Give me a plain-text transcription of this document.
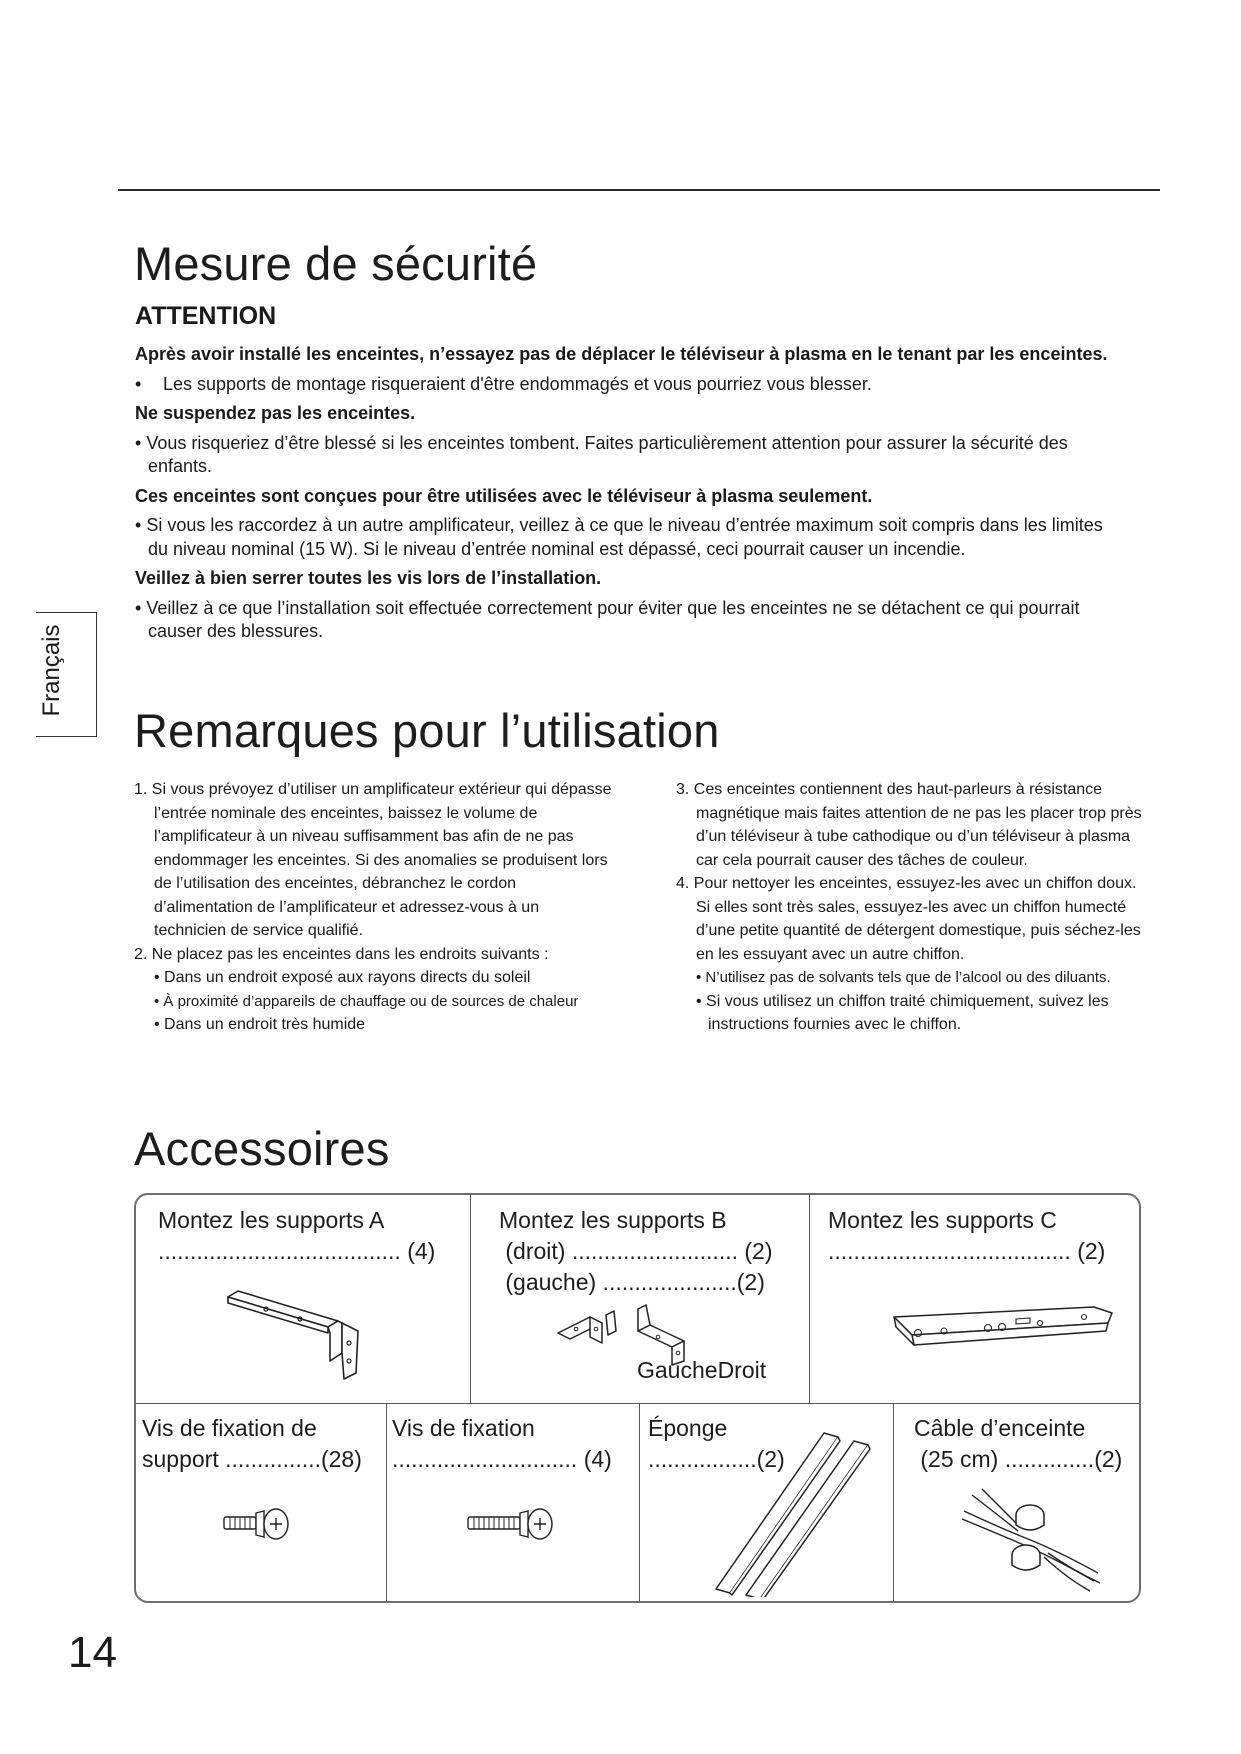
Mesure de sécurité
ATTENTION

Après avoir installé les enceintes, n’essayez pas de déplacer le téléviseur à plasma en le tenant par les enceintes.

• Les supports de montage risqueraient d'être endommagés et vous pourriez vous blesser.

Ne suspendez pas les enceintes.

• Vous risqueriez d’être blessé si les enceintes tombent. Faites particulièrement attention pour assurer la sécurité des enfants.

Ces enceintes sont conçues pour être utilisées avec le téléviseur à plasma seulement.

• Si vous les raccordez à un autre amplificateur, veillez à ce que le niveau d’entrée maximum soit compris dans les limites du niveau nominal (15 W). Si le niveau d’entrée nominal est dépassé, ceci pourrait causer un incendie.

Veillez à bien serrer toutes les vis lors de l’installation.

• Veillez à ce que l’installation soit effectuée correctement pour éviter que les enceintes ne se détachent ce qui pourrait causer des blessures.

Français
Remarques pour l’utilisation

1. Si vous prévoyez d’utiliser un amplificateur extérieur qui dépasse l’entrée nominale des enceintes, baissez le volume de l’amplificateur à un niveau suffisamment bas afin de ne pas endommager les enceintes. Si des anomalies se produisent lors de l’utilisation des enceintes, débranchez le cordon d’alimentation de l’amplificateur et adressez-vous à un technicien de service qualifié.

2. Ne placez pas les enceintes dans les endroits suivants :

• Dans un endroit exposé aux rayons directs du soleil

• À proximité d’appareils de chauffage ou de sources de chaleur

• Dans un endroit très humide

3. Ces enceintes contiennent des haut-parleurs à résistance magnétique mais faites attention de ne pas les placer trop près d’un téléviseur à tube cathodique ou d’un téléviseur à plasma car cela pourrait causer des tâches de couleur.

4. Pour nettoyer les enceintes, essuyez-les avec un chiffon doux. Si elles sont très sales, essuyez-les avec un chiffon humecté d’une petite quantité de détergent domestique, puis séchez-les en les essuyant avec un autre chiffon.

• N’utilisez pas de solvants tels que de l’alcool ou des diluants.

• Si vous utilisez un chiffon traité chimiquement, suivez les instructions fournies avec le chiffon.

Accessoires
Montez les supports A
...................................... (4)
Montez les supports B
(droit) .......................... (2)
(gauche) .....................(2)
GaucheDroit
Montez les supports C
...................................... (2)
Vis de fixation de
support ...............(28)
Vis de fixation
............................. (4)
Éponge
.................(2)
Câble d’enceinte
(25 cm) ..............(2)
14
